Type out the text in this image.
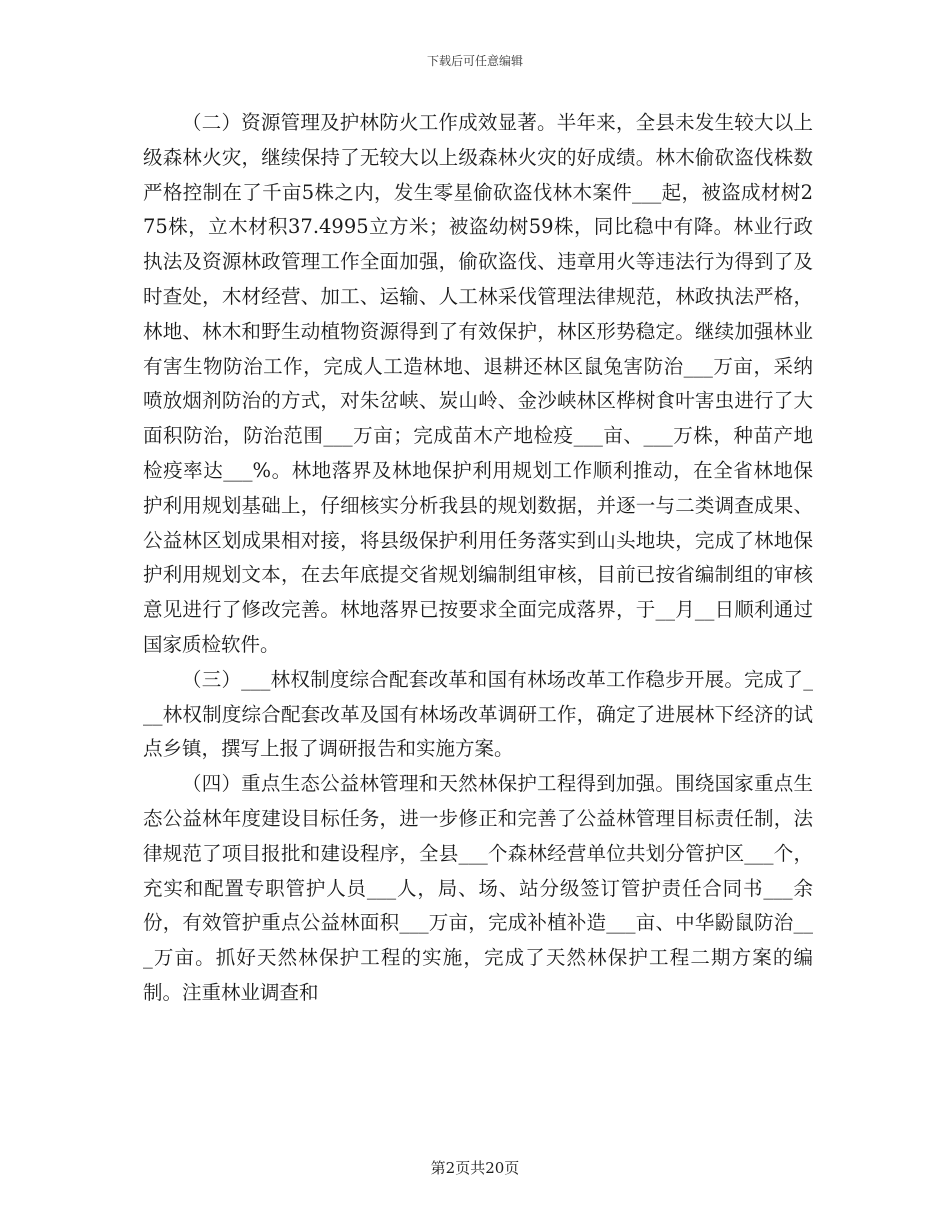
下载后可任意编辑

（二）资源管理及护林防火工作成效显著。半年来，全县未发生较大以上级森林火灾，继续保持了无较大以上级森林火灾的好成绩。林木偷砍盗伐株数严格控制在了千亩5株之内，发生零星偷砍盗伐林木案件___起，被盗成材树275株，立木材积37.4995立方米；被盗幼树59株，同比稳中有降。林业行政执法及资源林政管理工作全面加强，偷砍盗伐、违章用火等违法行为得到了及时查处，木材经营、加工、运输、人工林采伐管理法律规范，林政执法严格，林地、林木和野生动植物资源得到了有效保护，林区形势稳定。继续加强林业有害生物防治工作，完成人工造林地、退耕还林区鼠兔害防治___万亩，采纳喷放烟剂防治的方式，对朱岔峡、炭山岭、金沙峡林区桦树食叶害虫进行了大面积防治，防治范围___万亩；完成苗木产地检疫___亩、___万株，种苗产地检疫率达___%。林地落界及林地保护利用规划工作顺利推动，在全省林地保护利用规划基础上，仔细核实分析我县的规划数据，并逐一与二类调查成果、公益林区划成果相对接，将县级保护利用任务落实到山头地块，完成了林地保护利用规划文本，在去年底提交省规划编制组审核，目前已按省编制组的审核意见进行了修改完善。林地落界已按要求全面完成落界，于__月__日顺利通过国家质检软件。

（三）___林权制度综合配套改革和国有林场改革工作稳步开展。完成了___林权制度综合配套改革及国有林场改革调研工作，确定了进展林下经济的试点乡镇，撰写上报了调研报告和实施方案。

（四）重点生态公益林管理和天然林保护工程得到加强。围绕国家重点生态公益林年度建设目标任务，进一步修正和完善了公益林管理目标责任制，法律规范了项目报批和建设程序，全县___个森林经营单位共划分管护区___个，充实和配置专职管护人员___人，局、场、站分级签订管护责任合同书___余份，有效管护重点公益林面积___万亩，完成补植补造___亩、中华鼢鼠防治___万亩。抓好天然林保护工程的实施，完成了天然林保护工程二期方案的编制。注重林业调查和

第2页共20页
